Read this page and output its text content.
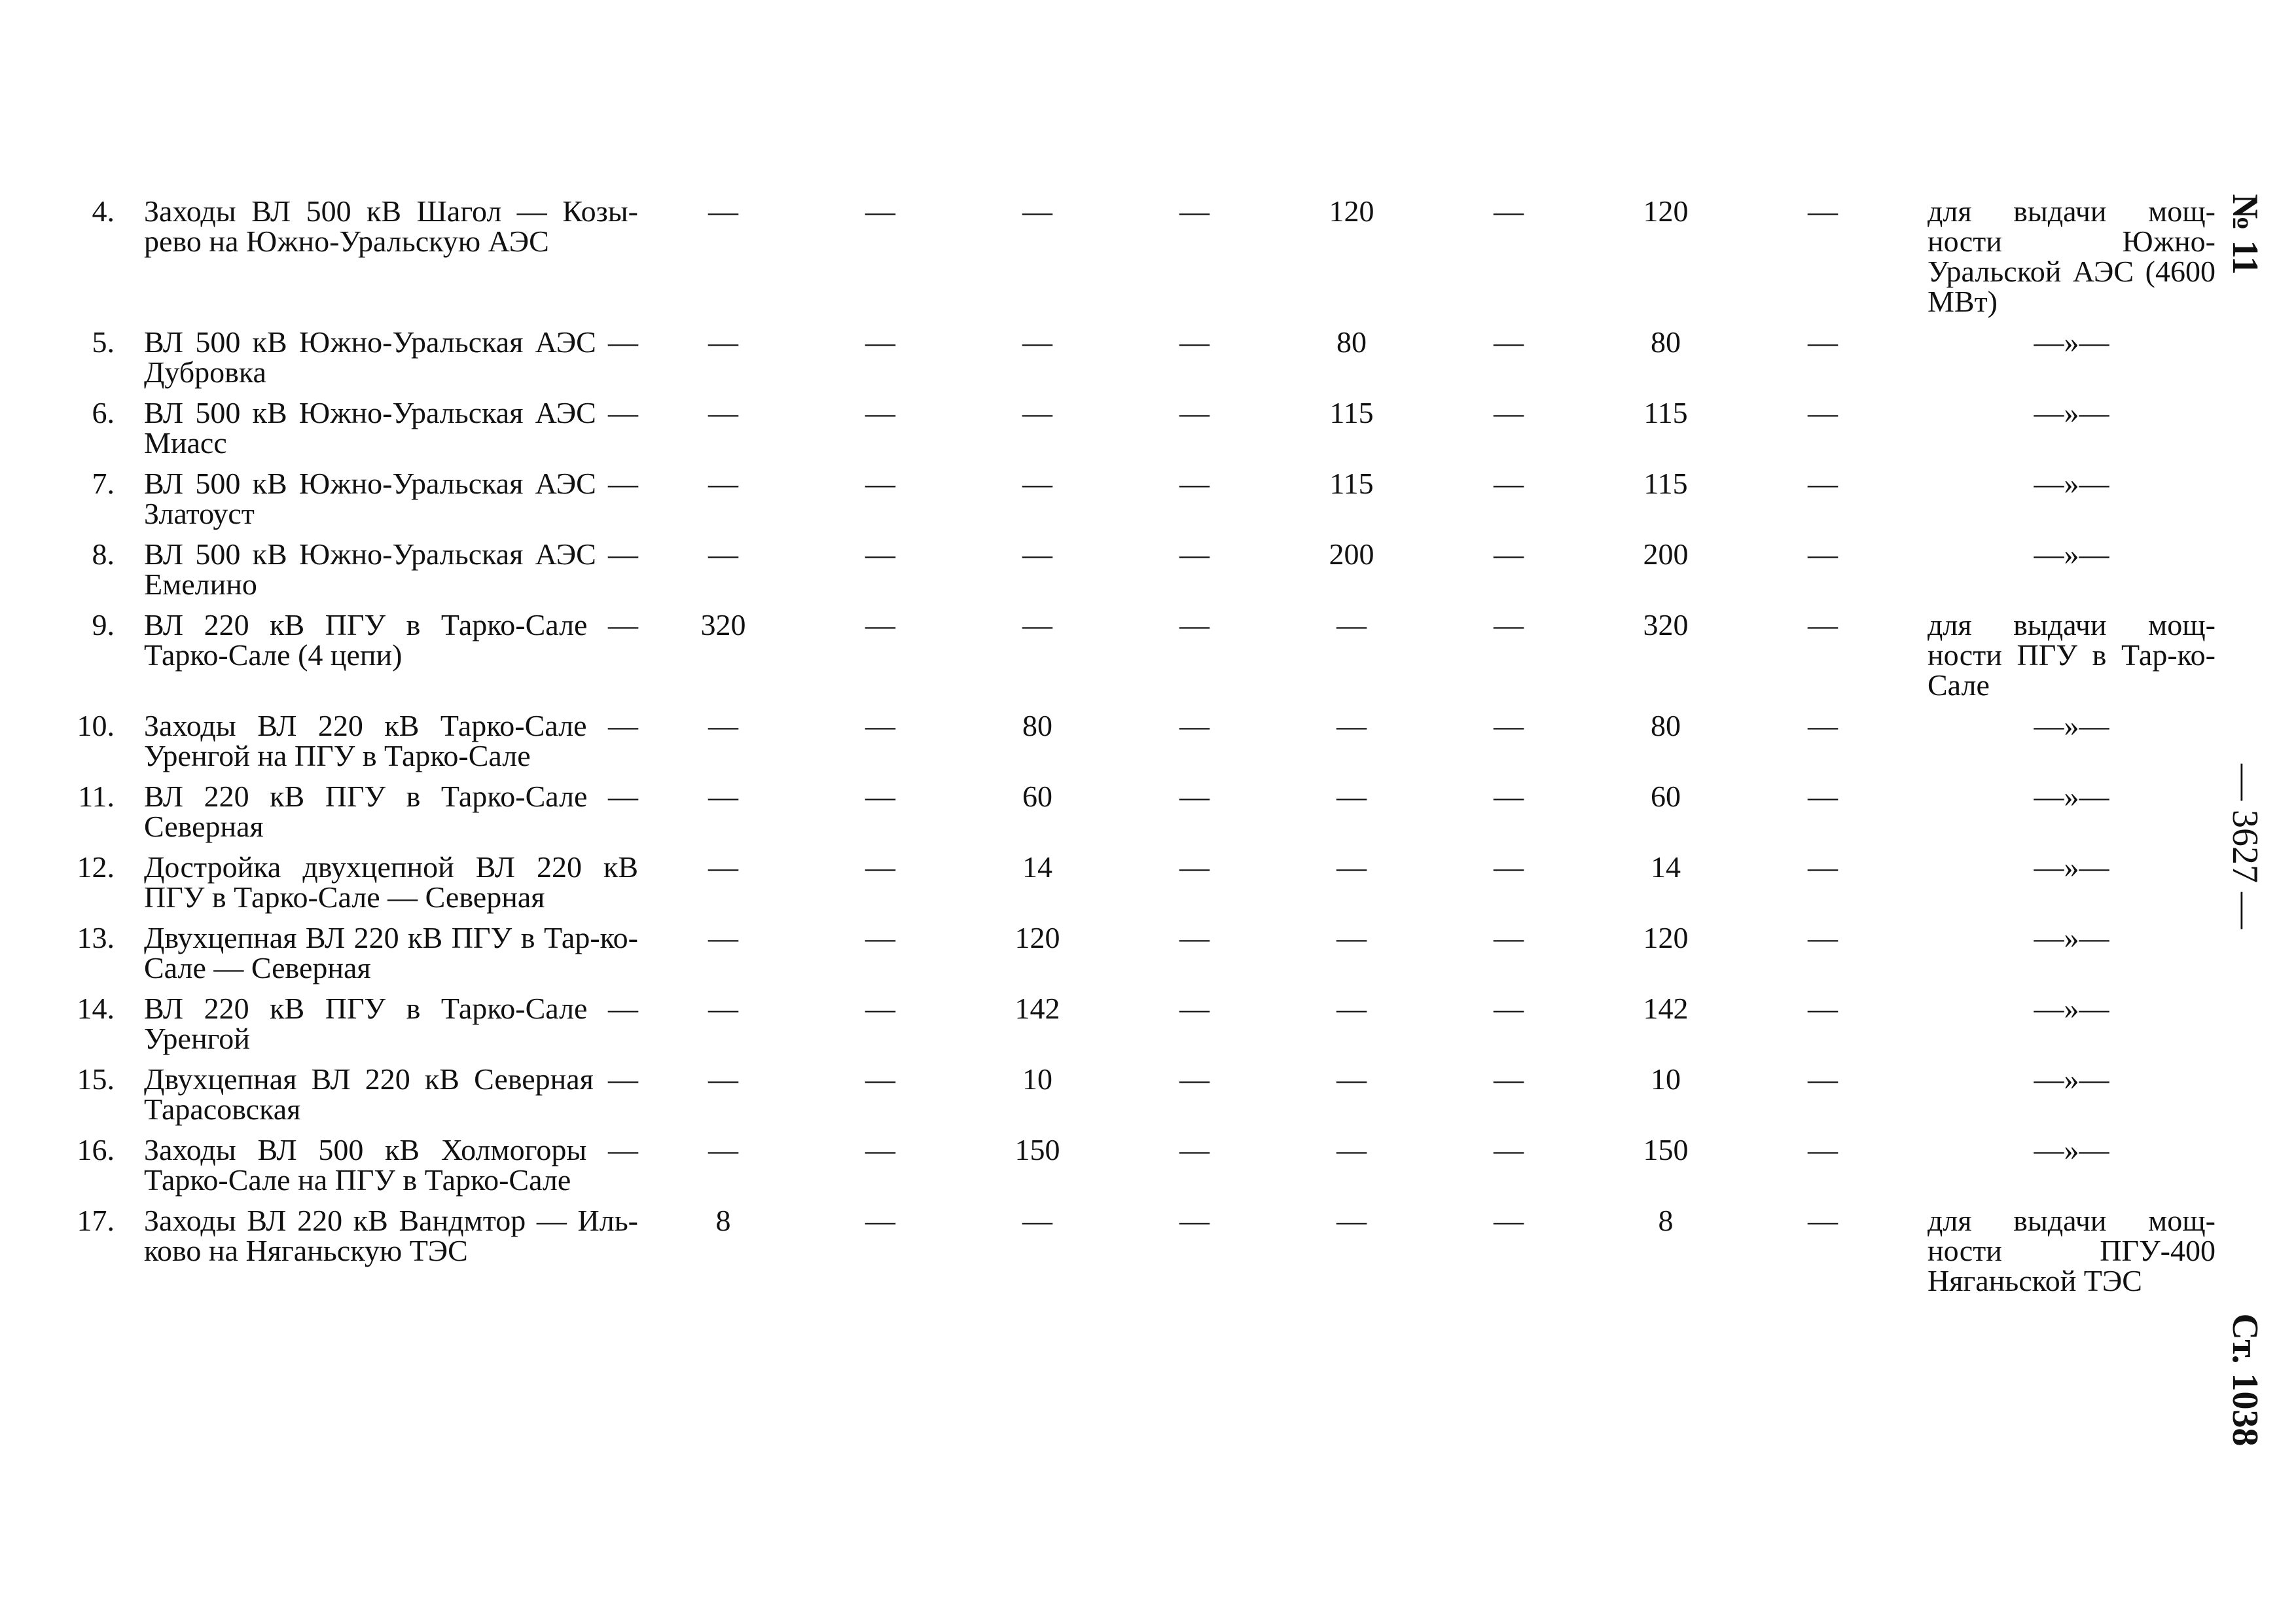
4.	Заходы ВЛ 500 кВ Шагол — Козы-рево на Южно-Уральскую АЭС	—	—	—	—	120	—	120	—	для выдачи мощ-ности Южно-Уральской АЭС (4600 МВт)
5.	ВЛ 500 кВ Южно-Уральская АЭС — Дубровка	—	—	—	—	80	—	80	—	—»—
6.	ВЛ 500 кВ Южно-Уральская АЭС — Миасс	—	—	—	—	115	—	115	—	—»—
7.	ВЛ 500 кВ Южно-Уральская АЭС — Златоуст	—	—	—	—	115	—	115	—	—»—
8.	ВЛ 500 кВ Южно-Уральская АЭС — Емелино	—	—	—	—	200	—	200	—	—»—
9.	ВЛ 220 кВ ПГУ в Тарко-Сале — Тарко-Сале (4 цепи)	320	—	—	—	—	—	320	—	для выдачи мощ-ности ПГУ в Тар-ко-Сале
10.	Заходы ВЛ 220 кВ Тарко-Сале — Уренгой на ПГУ в Тарко-Сале	—	—	80	—	—	—	80	—	—»—
11.	ВЛ 220 кВ ПГУ в Тарко-Сале — Северная	—	—	60	—	—	—	60	—	—»—
12.	Достройка двухцепной ВЛ 220 кВ ПГУ в Тарко-Сале — Северная	—	—	14	—	—	—	14	—	—»—
13.	Двухцепная ВЛ 220 кВ ПГУ в Тар-ко-Сале — Северная	—	—	120	—	—	—	120	—	—»—
14.	ВЛ 220 кВ ПГУ в Тарко-Сале — Уренгой	—	—	142	—	—	—	142	—	—»—
15.	Двухцепная ВЛ 220 кВ Северная — Тарасовская	—	—	10	—	—	—	10	—	—»—
16.	Заходы ВЛ 500 кВ Холмогоры — Тарко-Сале на ПГУ в Тарко-Сале	—	—	150	—	—	—	150	—	—»—
17.	Заходы ВЛ 220 кВ Вандмтор — Иль-ково на Няганьскую ТЭС	8	—	—	—	—	—	8	—	для выдачи мощ-ности ПГУ-400 Няганьской ТЭС
№ 11
— 3627 —
Ст. 1038
